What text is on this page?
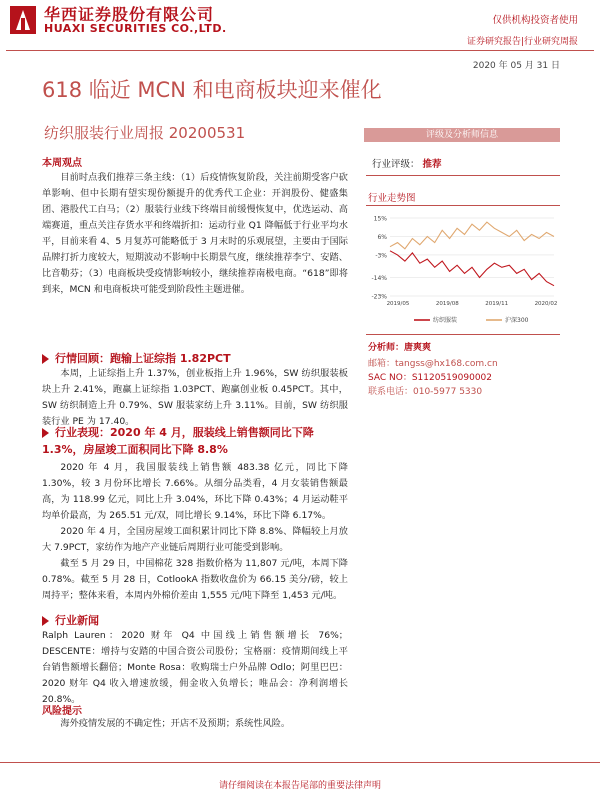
华西证券股份有限公司
HUAXI SECURITIES CO.,LTD.
仅供机构投资者使用
证券研究报告|行业研究周报
2020 年 05 月 31 日
618 临近 MCN 和电商板块迎来催化
纺织服装行业周报 20200531	评级及分析师信息
行业评级： 推荐
行业走势图
15%
6%
-3%
-14%
-23%
2019/05	2019/08	2019/11	2020/02
纺织服装	沪深300
分析师：唐爽爽
邮箱：tangss@hx168.com.cn
SAC NO：S1120519090002
联系电话：010-5977 5330
本周观点

目前时点我们推荐三条主线：（1）后疫情恢复阶段，关注前期受客户砍单影响、但中长期有望实现份额提升的优秀代工企业：开润股份、健盛集团、港股代工白马；（2）服装行业线下终端目前缓慢恢复中，优选运动、高端赛道，重点关注存货水平和终端折扣：运动行业 Q1 降幅低于行业平均水平，目前来看 4、5 月复苏可能略低于 3 月末时的乐观展望，主要由于国际品牌打折力度较大，短期波动不影响中长期景气度，继续推荐李宁、安踏、比音勒芬；（3）电商板块受疫情影响较小，继续推荐南极电商。“618”即将到来，MCN 和电商板块可能受到阶段性主题进催。

行情回顾：跑输上证综指 1.82PCT

本周，上证综指上升 1.37%，创业板指上升 1.96%，SW 纺织服装板块上升 2.41%，跑赢上证综指 1.03PCT、跑赢创业板 0.45PCT。其中，SW 纺织制造上升 0.79%、SW 服装家纺上升 3.11%。目前，SW 纺织服装行业 PE 为 17.40。

行业表现：2020 年 4 月，服装线上销售额同比下降 1.3%，房屋竣工面积同比下降 8.8%

2020 年 4 月，我国服装线上销售额 483.38 亿元，同比下降 1.30%，较 3 月份环比增长 7.66%。从细分品类看，4 月女装销售额最高，为 118.99 亿元，同比上升 3.04%，环比下降 0.43%；4 月运动鞋平均单价最高，为 265.51 元/双，同比增长 9.14%，环比下降 6.17%。

2020 年 4 月，全国房屋竣工面积累计同比下降 8.8%、降幅较上月放大 7.9PCT，家纺作为地产产业链后周期行业可能受到影响。

截至 5 月 29 日，中国棉花 328 指数价格为 11,807 元/吨，本周下降 0.78%。截至 5 月 28 日，CotlookA 指数收盘价为 66.15 美分/磅，较上周持平；整体来看，本周内外棉价差由 1,555 元/吨下降至 1,453 元/吨。

行业新闻

Ralph Lauren：2020 财年 Q4 中国线上销售额增长 76%；DESCENTE：增持与安踏的中国合资公司股份；宝格丽：疫情期间线上平台销售额增长翻倍；Monte Rosa：收购瑞士户外品牌 Odlo；阿里巴巴：2020 财年 Q4 收入增速放缓，佣金收入负增长；唯品会：净利润增长 20.8%。

风险提示

海外疫情发展的不确定性；开店不及预期；系统性风险。

请仔细阅读在本报告尾部的重要法律声明
